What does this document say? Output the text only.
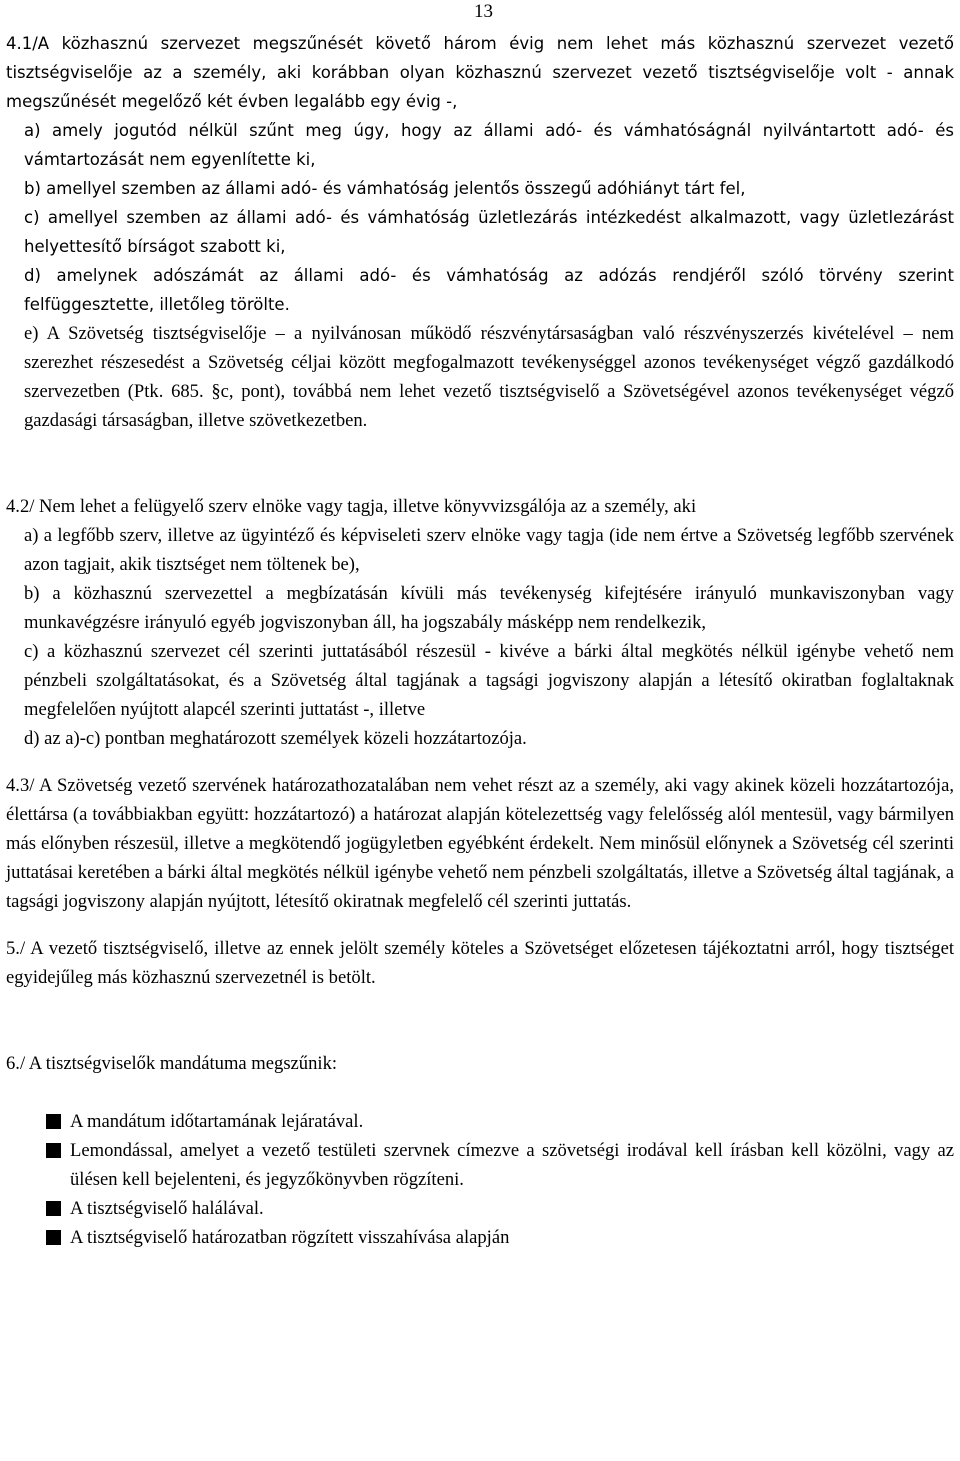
13

4.1/A közhasznú szervezet megszűnését követő három évig nem lehet más közhasznú szervezet vezető tisztségviselője az a személy, aki korábban olyan közhasznú szervezet vezető tisztségviselője volt - annak megszűnését megelőző két évben legalább egy évig -,

a) amely jogutód nélkül szűnt meg úgy, hogy az állami adó- és vámhatóságnál nyilvántartott adó- és vámtartozását nem egyenlítette ki,

b) amellyel szemben az állami adó- és vámhatóság jelentős összegű adóhiányt tárt fel,

c) amellyel szemben az állami adó- és vámhatóság üzletlezárás intézkedést alkalmazott, vagy üzletlezárást helyettesítő bírságot szabott ki,

d) amelynek adószámát az állami adó- és vámhatóság az adózás rendjéről szóló törvény szerint felfüggesztette, illetőleg törölte.

e) A Szövetség tisztségviselője – a nyilvánosan működő részvénytársaságban való részvényszerzés kivételével – nem szerezhet részesedést a Szövetség céljai között megfogalmazott tevékenységgel azonos tevékenységet végző gazdálkodó szervezetben (Ptk. 685. §c, pont), továbbá nem lehet vezető tisztségviselő a Szövetségével azonos tevékenységet végző gazdasági társaságban, illetve szövetkezetben.

4.2/ Nem lehet a felügyelő szerv elnöke vagy tagja, illetve könyvvizsgálója az a személy, aki

a) a legfőbb szerv, illetve az ügyintéző és képviseleti szerv elnöke vagy tagja (ide nem értve a Szövetség legfőbb szervének azon tagjait, akik tisztséget nem töltenek be),

b) a közhasznú szervezettel a megbízatásán kívüli más tevékenység kifejtésére irányuló munkaviszonyban vagy munkavégzésre irányuló egyéb jogviszonyban áll, ha jogszabály másképp nem rendelkezik,

c) a közhasznú szervezet cél szerinti juttatásából részesül - kivéve a bárki által megkötés nélkül igénybe vehető nem pénzbeli szolgáltatásokat, és a Szövetség által tagjának a tagsági jogviszony alapján a létesítő okiratban foglaltaknak megfelelően nyújtott alapcél szerinti juttatást -, illetve

d) az a)-c) pontban meghatározott személyek közeli hozzátartozója.

4.3/ A Szövetség vezető szervének határozathozatalában nem vehet részt az a személy, aki vagy akinek közeli hozzátartozója, élettársa (a továbbiakban együtt: hozzátartozó) a határozat alapján kötelezettség vagy felelősség alól mentesül, vagy bármilyen más előnyben részesül, illetve a megkötendő jogügyletben egyébként érdekelt. Nem minősül előnynek a Szövetség cél szerinti juttatásai keretében a bárki által megkötés nélkül igénybe vehető nem pénzbeli szolgáltatás, illetve a Szövetség által tagjának, a tagsági jogviszony alapján nyújtott, létesítő okiratnak megfelelő cél szerinti juttatás.

5./ A vezető tisztségviselő, illetve az ennek jelölt személy köteles a Szövetséget előzetesen tájékoztatni arról, hogy tisztséget egyidejűleg más közhasznú szervezetnél is betölt.

6./ A tisztségviselők mandátuma megszűnik:

A mandátum időtartamának lejáratával.
Lemondással, amelyet a vezető testületi szervnek címezve a szövetségi irodával kell írásban kell közölni, vagy az ülésen kell bejelenteni, és jegyzőkönyvben rögzíteni.
A tisztségviselő halálával.
A tisztségviselő határozatban rögzített visszahívása alapján
